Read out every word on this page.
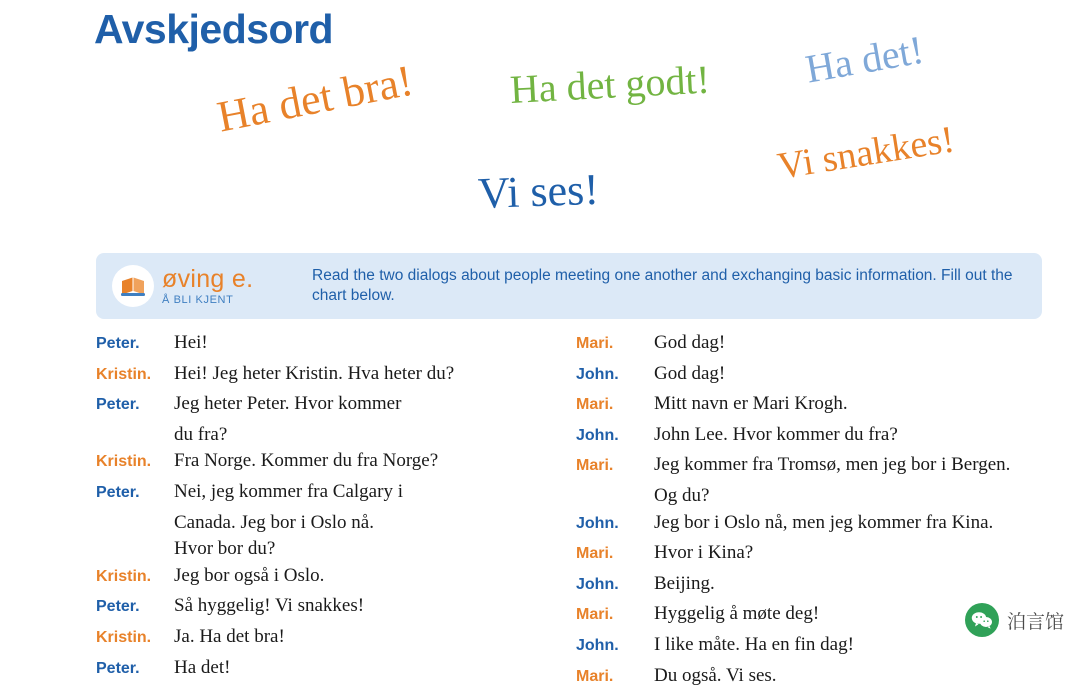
Avskjedsord
Ha det bra! Ha det godt! Ha det!
Vi ses!
Vi snakkes!
øving e.
Å BLI KJENT
Read the two dialogs about people meeting one another and exchanging basic information. Fill out the chart below.
Peter.	Hei!
Kristin.	Hei! Jeg heter Kristin. Hva heter du?
Peter.	Jeg heter Peter. Hvor kommer
du fra?
Kristin.	Fra Norge. Kommer du fra Norge?
Peter.	Nei, jeg kommer fra Calgary i
Canada. Jeg bor i Oslo nå.
Hvor bor du?
Kristin.	Jeg bor også i Oslo.
Peter.	Så hyggelig! Vi snakkes!
Kristin.	Ja. Ha det bra!
Peter.	Ha det!
Mari.	God dag!
John.	God dag!
Mari.	Mitt navn er Mari Krogh.
John.	John Lee. Hvor kommer du fra?
Mari.	Jeg kommer fra Tromsø, men jeg bor i Bergen.
Og du?
John.	Jeg bor i Oslo nå, men jeg kommer fra Kina.
Mari.	Hvor i Kina?
John.	Beijing.
Mari.	Hyggelig å møte deg!
John.	I like måte. Ha en fin dag!
Mari.	Du også. Vi ses.
泊言馆
